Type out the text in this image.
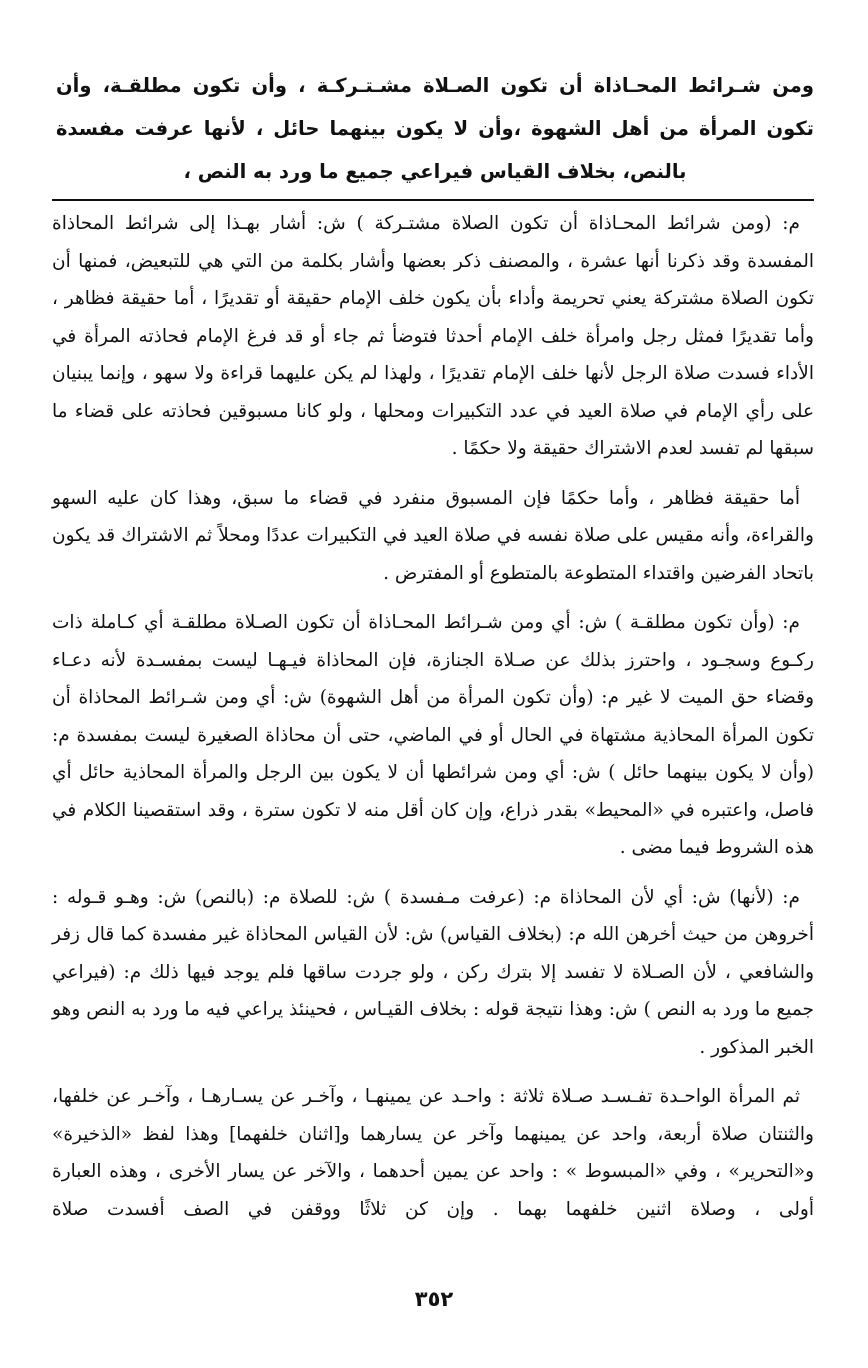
ومن شـرائط المحـاذاة أن تكون الصـلاة مشـتـركـة ، وأن تكون مطلقـة، وأن تكون المرأة من أهل الشهوة ،وأن لا يكون بينهما حائل ، لأنها عرفت مفسدة بالنص، بخلاف القياس فيراعي جميع ما ورد به النص ،

م: (ومن شرائط المحـاذاة أن تكون الصلاة مشتـركة ) ش: أشار بهـذا إلى شرائط المحاذاة المفسدة وقد ذكرنا أنها عشرة ، والمصنف ذكر بعضها وأشار بكلمة من التي هي للتبعيض، فمنها أن تكون الصلاة مشتركة يعني تحريمة وأداء بأن يكون خلف الإمام حقيقة أو تقديرًا ، أما حقيقة فظاهر ، وأما تقديرًا فمثل رجل وامرأة خلف الإمام أحدثا فتوضأ ثم جاء أو قد فرغ الإمام فحاذته المرأة في الأداء فسدت صلاة الرجل لأنها خلف الإمام تقديرًا ، ولهذا لم يكن عليهما قراءة ولا سهو ، وإنما يبنيان على رأي الإمام في صلاة العيد في عدد التكبيرات ومحلها ، ولو كانا مسبوقين فحاذته على قضاء ما سبقها لم تفسد لعدم الاشتراك حقيقة ولا حكمًا .

أما حقيقة فظاهر ، وأما حكمًا فإن المسبوق منفرد في قضاء ما سبق، وهذا كان عليه السهو والقراءة، وأنه مقيس على صلاة نفسه في صلاة العيد في التكبيرات عددًا ومحلاً ثم الاشتراك قد يكون باتحاد الفرضين واقتداء المتطوعة بالمتطوع أو المفترض .

م: (وأن تكون مطلقـة ) ش: أي ومن شـرائط المحـاذاة أن تكون الصـلاة مطلقـة أي كـاملة ذات ركـوع وسجـود ، واحترز بذلك عن صـلاة الجنازة، فإن المحاذاة فيـهـا ليست بمفسـدة لأنه دعـاء وقضاء حق الميت لا غير م: (وأن تكون المرأة من أهل الشهوة) ش: أي ومن شـرائط المحاذاة أن تكون المرأة المحاذية مشتهاة في الحال أو في الماضي، حتى أن محاذاة الصغيرة ليست بمفسدة م: (وأن لا يكون بينهما حائل ) ش: أي ومن شرائطها أن لا يكون بين الرجل والمرأة المحاذية حائل أي فاصل، واعتبره في «المحيط» بقدر ذراع، وإن كان أقل منه لا تكون سترة ، وقد استقصينا الكلام في هذه الشروط فيما مضى .

م: (لأنها) ش: أي لأن المحاذاة م: (عرفت مـفسدة ) ش: للصلاة م: (بالنص) ش: وهـو قـوله : أخروهن من حيث أخرهن الله م: (بخلاف القياس) ش: لأن القياس المحاذاة غير مفسدة كما قال زفر والشافعي ، لأن الصـلاة لا تفسد إلا بترك ركن ، ولو جردت ساقها فلم يوجد فيها ذلك م: (فيراعي جميع ما ورد به النص ) ش: وهذا نتيجة قوله : بخلاف القيـاس ، فحينئذ يراعي فيه ما ورد به النص وهو الخبر المذكور .

ثم المرأة الواحـدة تفـسـد صـلاة ثلاثة : واحـد عن يمينهـا ، وآخـر عن يسـارهـا ، وآخـر عن خلفها، والثنتان صلاة أربعة، واحد عن يمينهما وآخر عن يسارهما و[اثنان خلفهما] وهذا لفظ «الذخيرة» و«التحرير» ، وفي «المبسوط » : واحد عن يمين أحدهما ، والآخر عن يسار الأخرى ، وهذه العبارة أولى ، وصلاة اثنين خلفهما بهما . وإن كن ثلاثًا ووقفن في الصف أفسدت صلاة

٣٥٢
